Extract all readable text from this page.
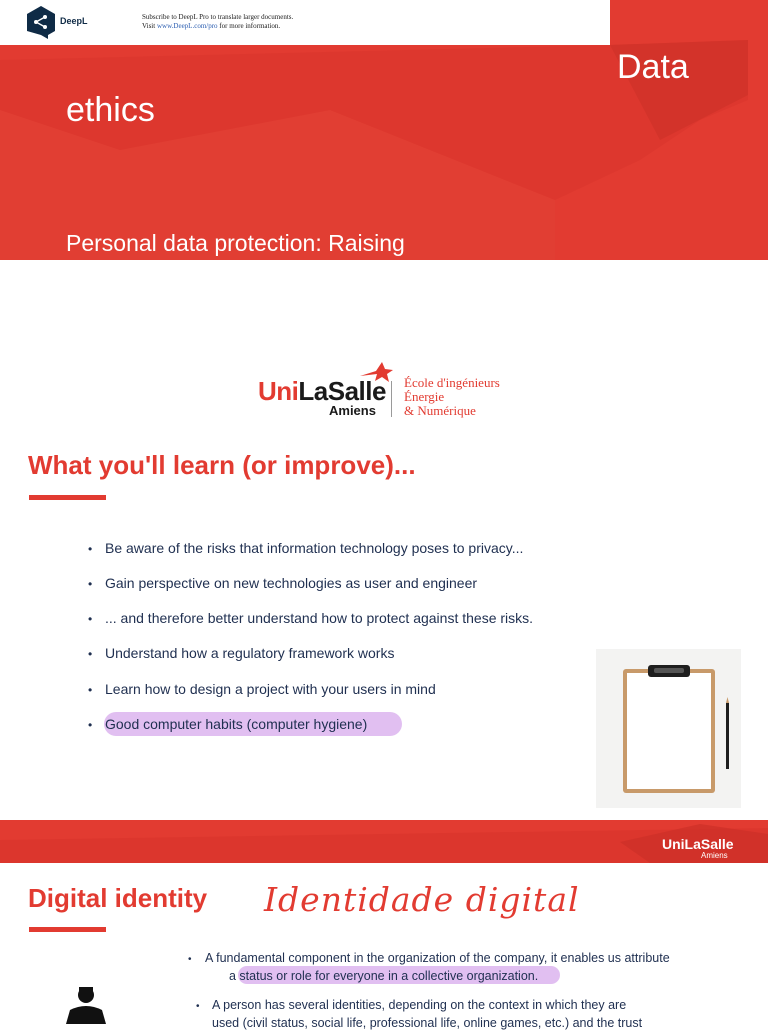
DeepL	Subscribe to DeepL Pro to translate larger documents.
Visit www.DeepL.com/pro for more information.
Data
ethics
Personal data protection: Raising
UniLaSalle
Amiens
École d'ingénieurs
Énergie
& Numérique
What you'll learn (or improve)...
• Be aware of the risks that information technology poses to privacy...
• Gain perspective on new technologies as user and engineer
• ... and therefore better understand how to protect against these risks.
• Understand how a regulatory framework works
• Learn how to design a project with your users in mind
• Good computer habits (computer hygiene)
UniLaSalle
Amiens
Digital identity Identidade digital
• A fundamental component in the organization of the company, it enables us attribute
a status or role for everyone in a collective organization.
• A person has several identities, depending on the context in which they are
used (civil status, social life, professional life, online games, etc.) and the trust
